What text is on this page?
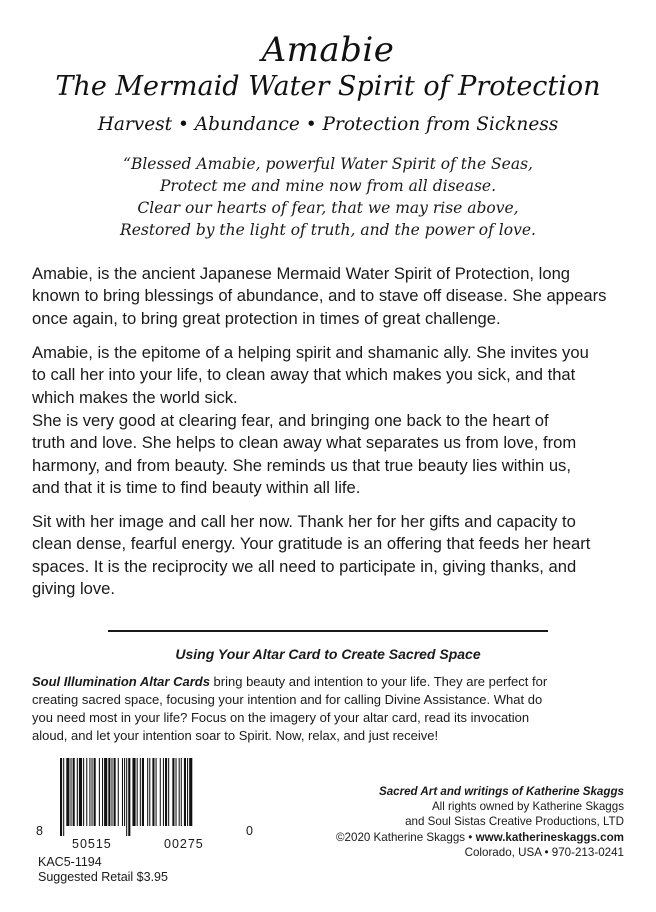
Amabie
The Mermaid Water Spirit of Protection
Harvest • Abundance • Protection from Sickness
“Blessed Amabie, powerful Water Spirit of the Seas,
Protect me and mine now from all disease.
Clear our hearts of fear, that we may rise above,
Restored by the light of truth, and the power of love.
Amabie, is the ancient Japanese Mermaid Water Spirit of Protection, long
known to bring blessings of abundance, and to stave off disease. She appears
once again, to bring great protection in times of great challenge.
Amabie, is the epitome of a helping spirit and shamanic ally. She invites you
to call her into your life, to clean away that which makes you sick, and that
which makes the world sick.
She is very good at clearing fear, and bringing one back to the heart of
truth and love. She helps to clean away what separates us from love, from
harmony, and from beauty. She reminds us that true beauty lies within us,
and that it is time to find beauty within all life.
Sit with her image and call her now. Thank her for her gifts and capacity to
clean dense, fearful energy. Your gratitude is an offering that feeds her heart
spaces. It is the reciprocity we all need to participate in, giving thanks, and
giving love.
Using Your Altar Card to Create Sacred Space
Soul Illumination Altar Cards bring beauty and intention to your life. They are perfect for
creating sacred space, focusing your intention and for calling Divine Assistance. What do
you need most in your life? Focus on the imagery of your altar card, read its invocation
aloud, and let your intention soar to Spirit. Now, relax, and just receive!
8
50515	00275
0
KAC5-1194
Suggested Retail $3.95
Sacred Art and writings of Katherine Skaggs
All rights owned by Katherine Skaggs
and Soul Sistas Creative Productions, LTD
©2020 Katherine Skaggs • www.katherineskaggs.com
Colorado, USA • 970-213-0241
